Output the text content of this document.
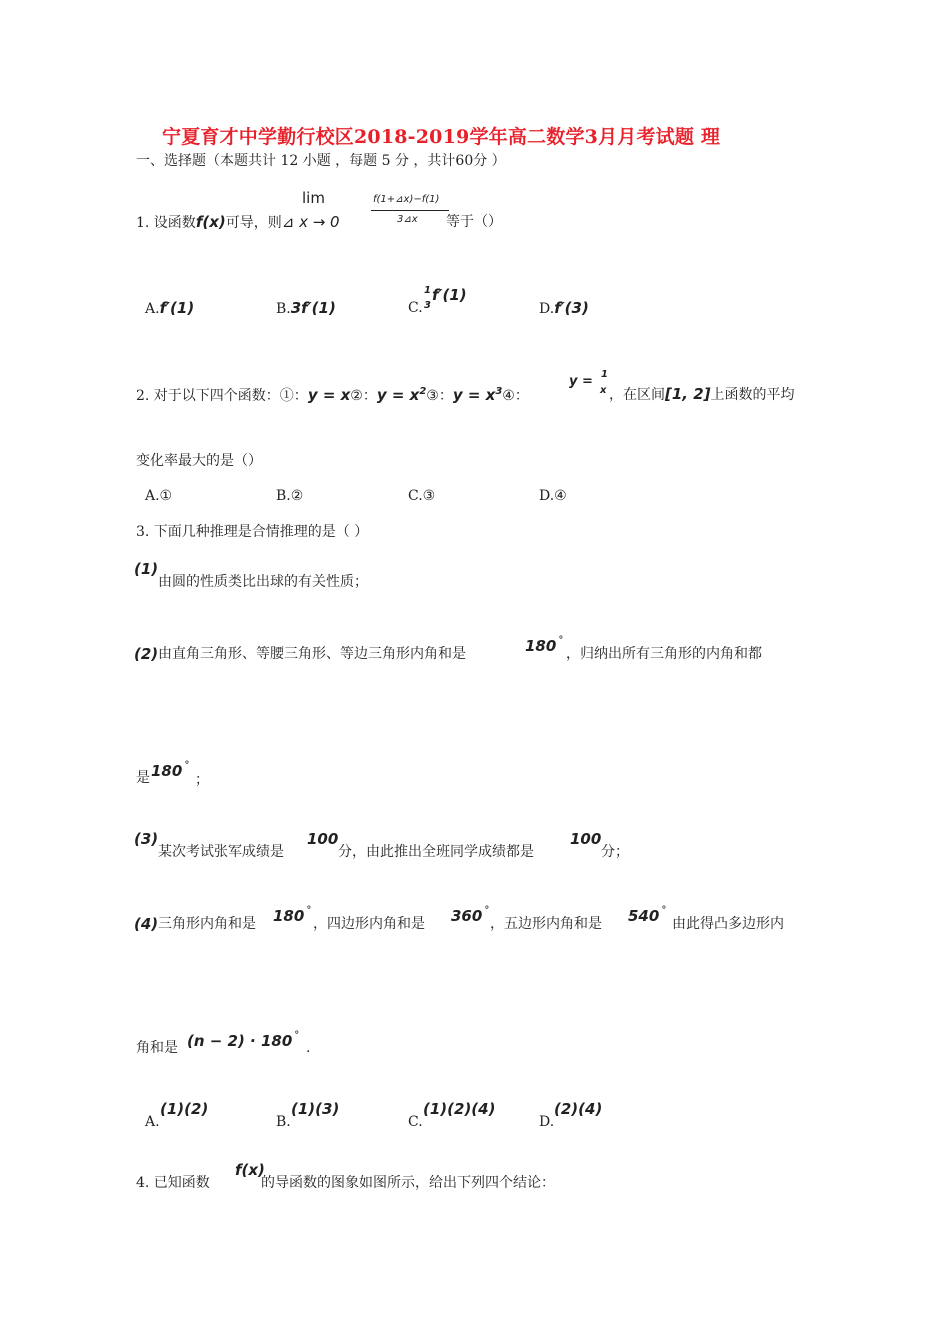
宁夏育才中学勤行校区2018-2019学年高二数学3月月考试题 理
一、选择题（本题共计 12 小题 ，每题 5 分 ，共计60分 ）
lim	f(1+⊿x)−f(1)
3⊿x
1. 设函数f(x)可导，则⊿ x → 0	等于（）
A.f′(1)	B.3f′(1)	C.
1
3
f′(1)
D.f′(3)
2. 对于以下四个函数：①：y = x②：$y = x^2③$：$y = x^3④$：
y = 1
x ，在区间[1, 2]上函数的平均
变化率最大的是（）
A.①	B.②	C.③	D.④
3. 下面几种推理是合情推理的是（ ）
(1)
由圆的性质类比出球的有关性质；
(2) 由直角三角形、等腰三角形、等边三角形内角和是	180˚
，归纳出所有三角形的内角和都
是 180˚
；
(3)
某次考试张军成绩是
100
分，由此推出全班同学成绩都是
100
分；
(4) 三角形内角和是 180˚
，四边形内角和是 360˚
，五边形内角和是 540˚
由此得凸多边形内
角和是 (n − 2) · 180˚
.
A.
(1)(2)
B.
(1)(3)
C.
(1)(2)(4)
D.
(2)(4)
4. 已知函数
f(x)
的导函数的图象如图所示，给出下列四个结论：
